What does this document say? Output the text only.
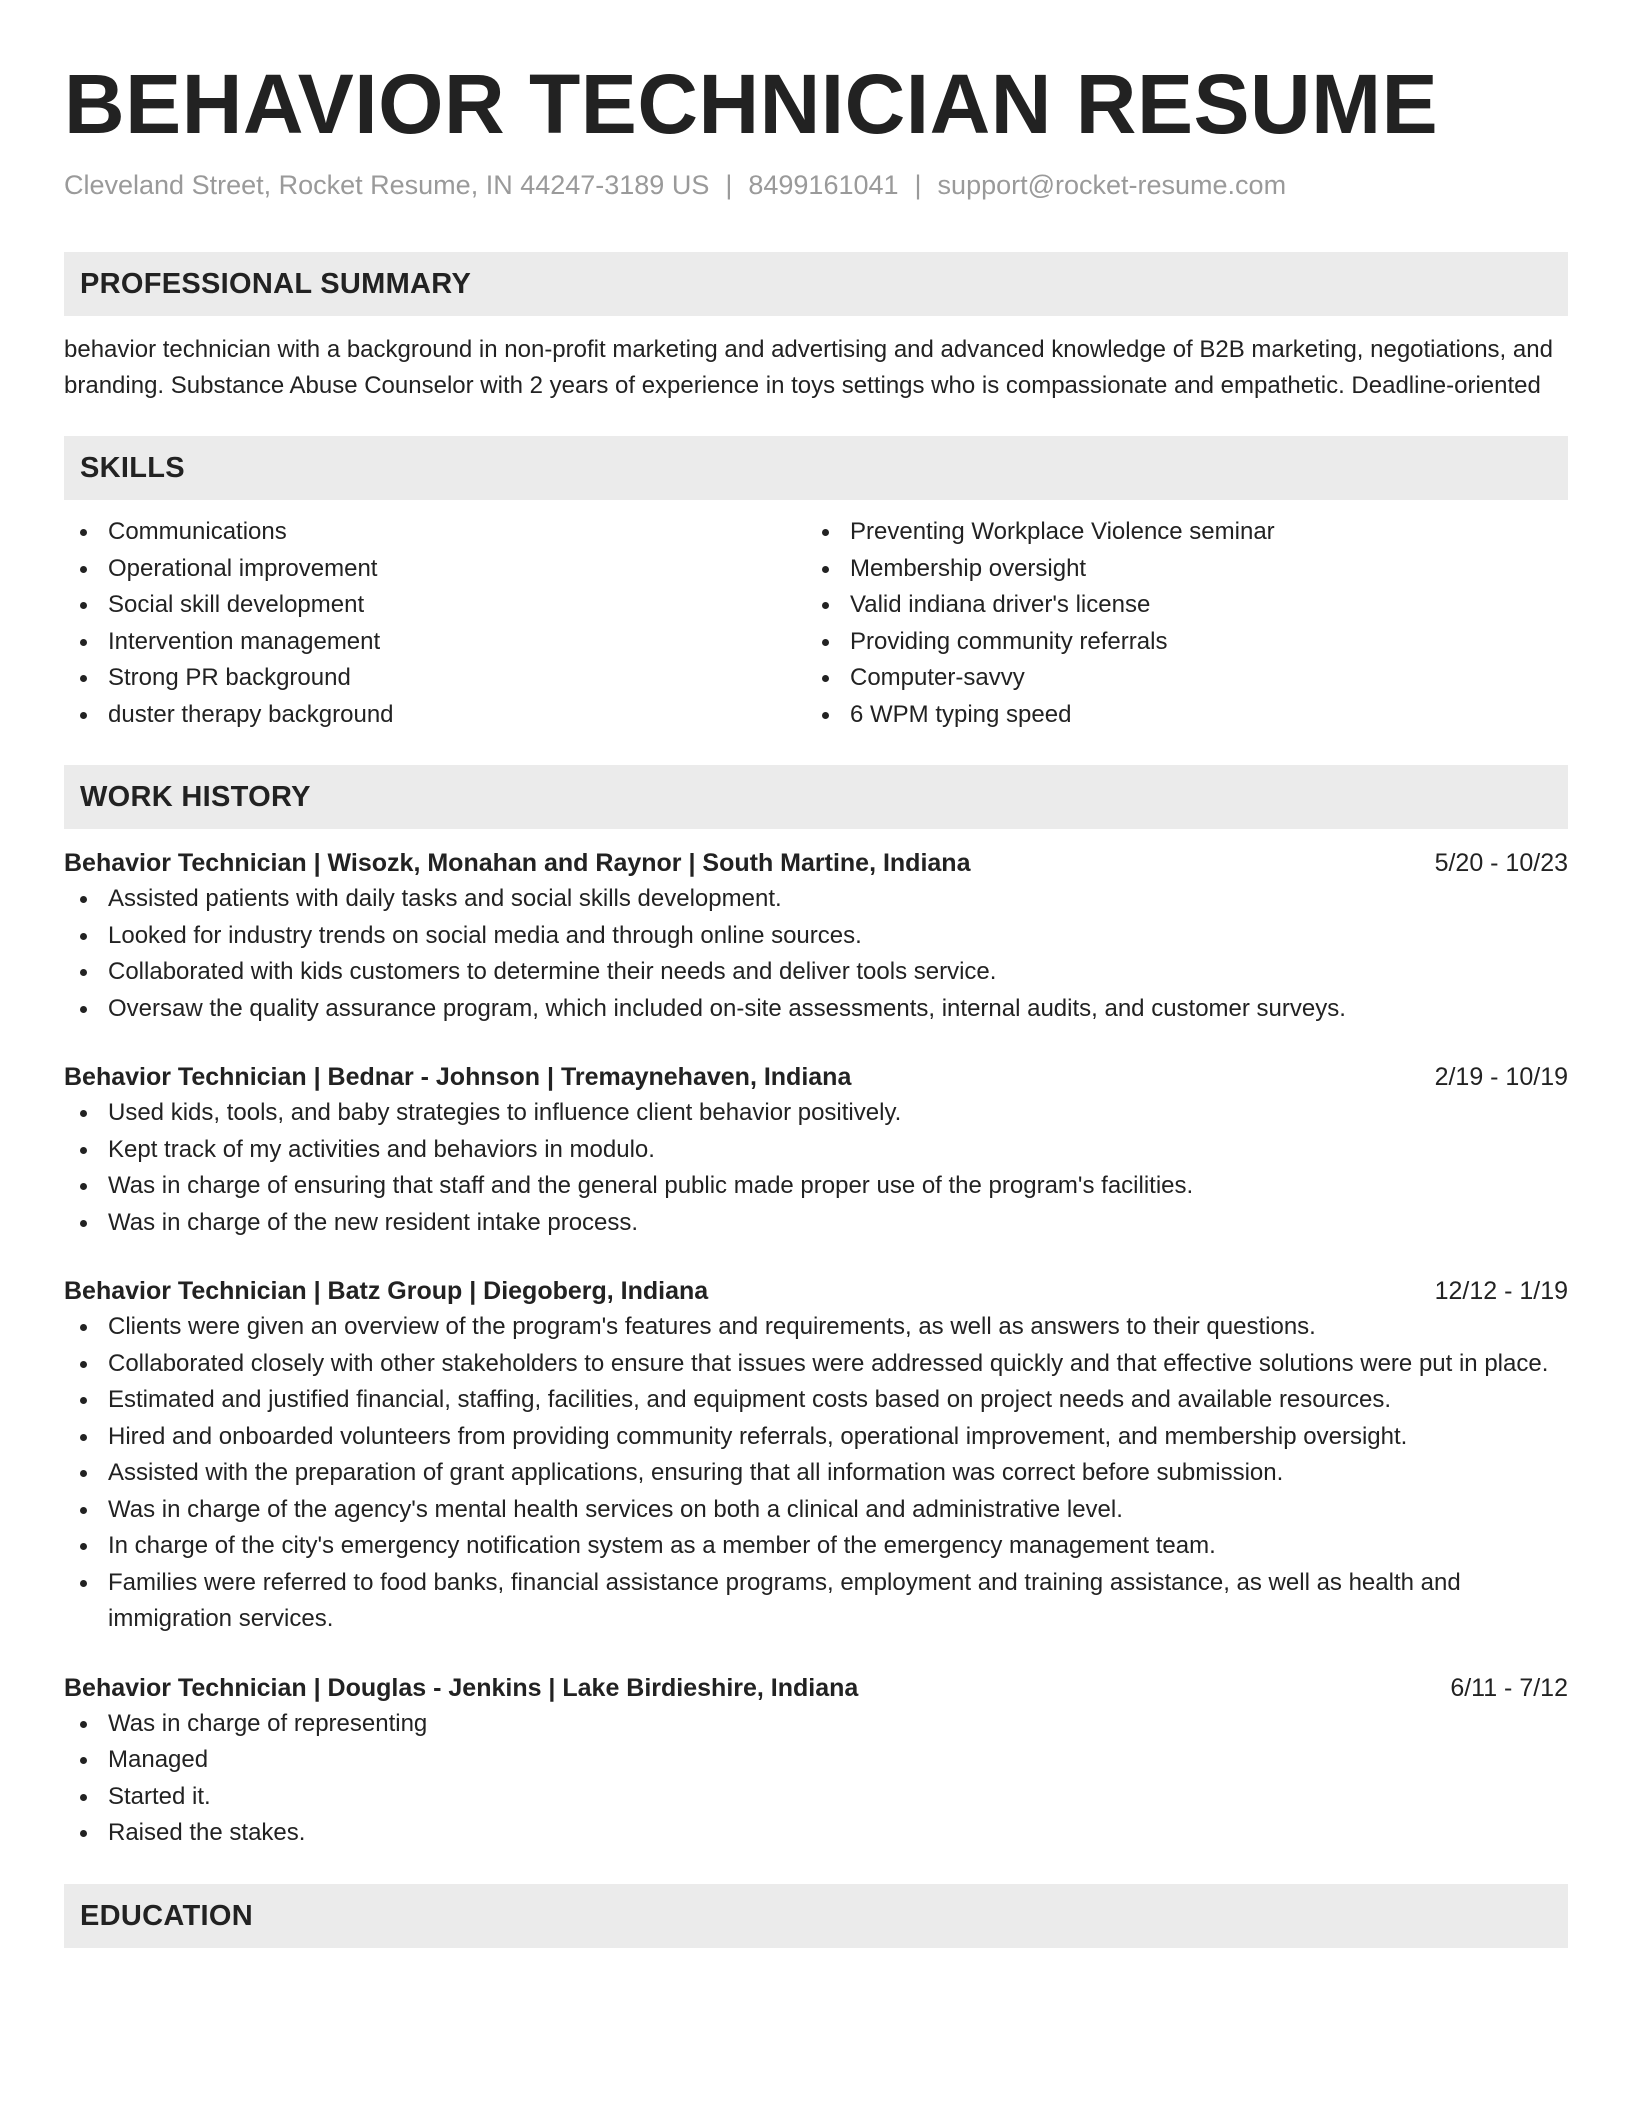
BEHAVIOR TECHNICIAN RESUME
Cleveland Street, Rocket Resume, IN 44247-3189 US | 8499161041 | support@rocket-resume.com
PROFESSIONAL SUMMARY

behavior technician with a background in non-profit marketing and advertising and advanced knowledge of B2B marketing, negotiations, and branding. Substance Abuse Counselor with 2 years of experience in toys settings who is compassionate and empathetic. Deadline-oriented

SKILLS
Communications
Operational improvement
Social skill development
Intervention management
Strong PR background
duster therapy background
Preventing Workplace Violence seminar
Membership oversight
Valid indiana driver's license
Providing community referrals
Computer-savvy
6 WPM typing speed
WORK HISTORY
Behavior Technician | Wisozk, Monahan and Raynor | South Martine, Indiana	5/20 - 10/23
Assisted patients with daily tasks and social skills development.
Looked for industry trends on social media and through online sources.
Collaborated with kids customers to determine their needs and deliver tools service.
Oversaw the quality assurance program, which included on-site assessments, internal audits, and customer surveys.
Behavior Technician | Bednar - Johnson | Tremaynehaven, Indiana	2/19 - 10/19
Used kids, tools, and baby strategies to influence client behavior positively.
Kept track of my activities and behaviors in modulo.
Was in charge of ensuring that staff and the general public made proper use of the program's facilities.
Was in charge of the new resident intake process.
Behavior Technician | Batz Group | Diegoberg, Indiana	12/12 - 1/19
Clients were given an overview of the program's features and requirements, as well as answers to their questions.
Collaborated closely with other stakeholders to ensure that issues were addressed quickly and that effective solutions were put in place.
Estimated and justified financial, staffing, facilities, and equipment costs based on project needs and available resources.
Hired and onboarded volunteers from providing community referrals, operational improvement, and membership oversight.
Assisted with the preparation of grant applications, ensuring that all information was correct before submission.
Was in charge of the agency's mental health services on both a clinical and administrative level.
In charge of the city's emergency notification system as a member of the emergency management team.
Families were referred to food banks, financial assistance programs, employment and training assistance, as well as health and immigration services.
Behavior Technician | Douglas - Jenkins | Lake Birdieshire, Indiana	6/11 - 7/12
Was in charge of representing
Managed
Started it.
Raised the stakes.
EDUCATION
